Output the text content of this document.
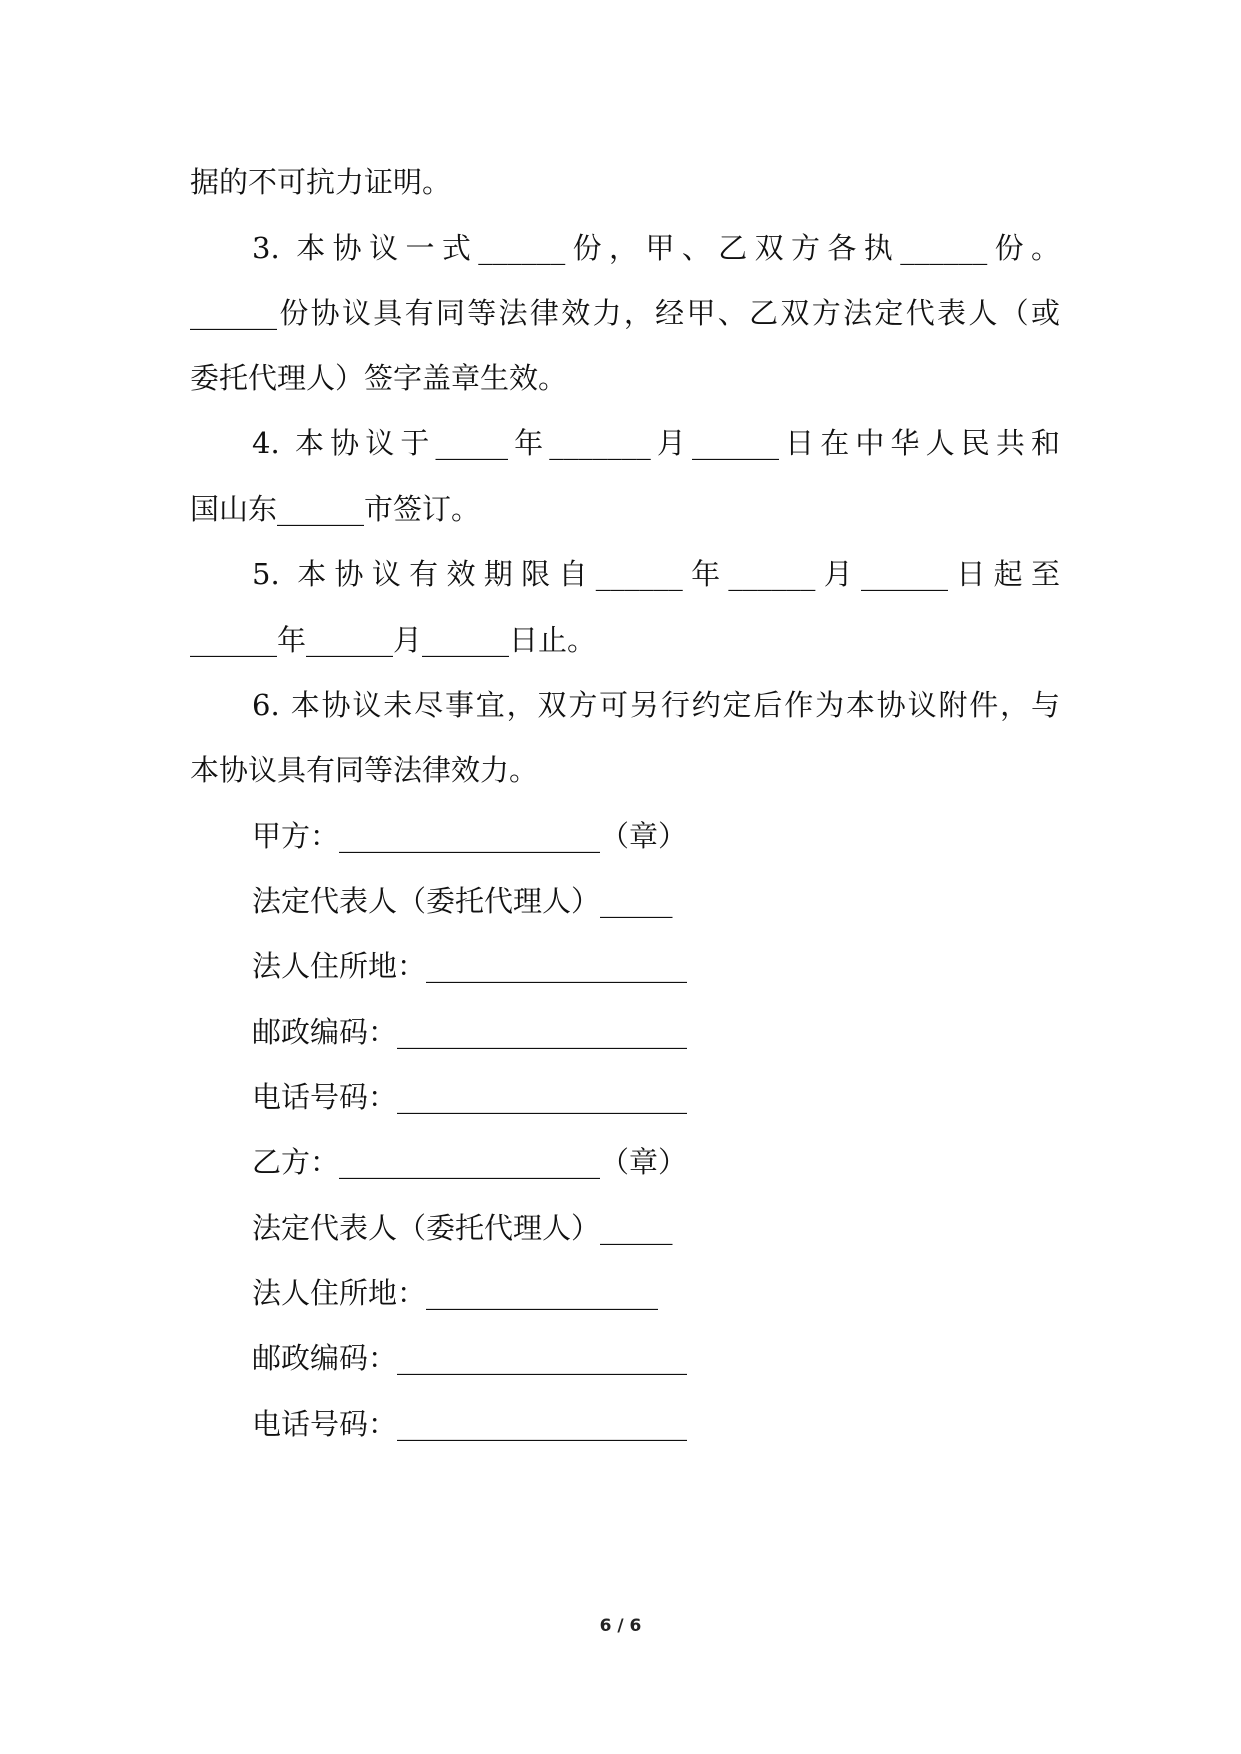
据的不可抗力证明。
3. 本协议一式______份，甲、乙双方各执______份。
______份协议具有同等法律效力，经甲、乙双方法定代表人（或
委托代理人）签字盖章生效。
4. 本协议于_____年_______月______日在中华人民共和
国山东______市签订。
5. 本协议有效期限自______年______月______日起至
______年______月______日止。
6. 本协议未尽事宜，双方可另行约定后作为本协议附件，与
本协议具有同等法律效力。
甲方：__________________（章）
法定代表人（委托代理人）_____
法人住所地：__________________
邮政编码：____________________
电话号码：____________________
乙方：__________________（章）
法定代表人（委托代理人）_____
法人住所地：________________
邮政编码：____________________
电话号码：____________________
6 / 6
